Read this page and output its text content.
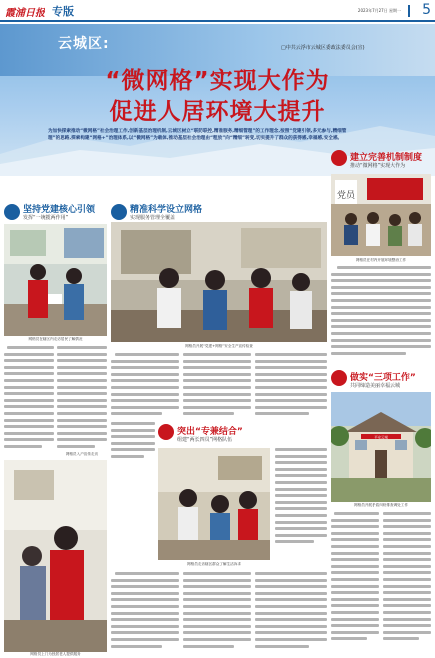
霞浦日报 专版	2023年7月27日 星期一 5
云城区:	□中共云浮市云城区委政法委员会(宣)
“微网格”实现大作为
促进人居环境大提升
为加快探索推动“微网格”社会治理工作,创新基层治理机制,云城区树立“联防联控,精准服务,精细管理”的工作理念,按照“党建引领,多元参与,精细管理”的思路,探索构建“网格+”治理体系,以“微网格”为载体,推动基层社会治理由“粗放”向“精细”转变,切实提升了群众的获得感,幸福感,安全感。
建立完善机制制度
推动“微网格”实现大作为
党员
网格员在村内开展环境整治工作
坚持党建核心引领
发挥“一统揽两作用”
网格员在辖区内走访居民了解情况
网格员上门为独居老人提供服务
精准科学设立网格
实现服务管理全覆盖
网格员开展“党建+网格”安全生产宣传检查
突出“专兼结合”
组建“两长四员”网格队伍
网格员走访辖区群众了解生活诉求
做实“三项工作”
共同缔造美丽幸福云城
平安云城
网格员开展矛盾纠纷排查调处工作
网格员入户宣传走访
